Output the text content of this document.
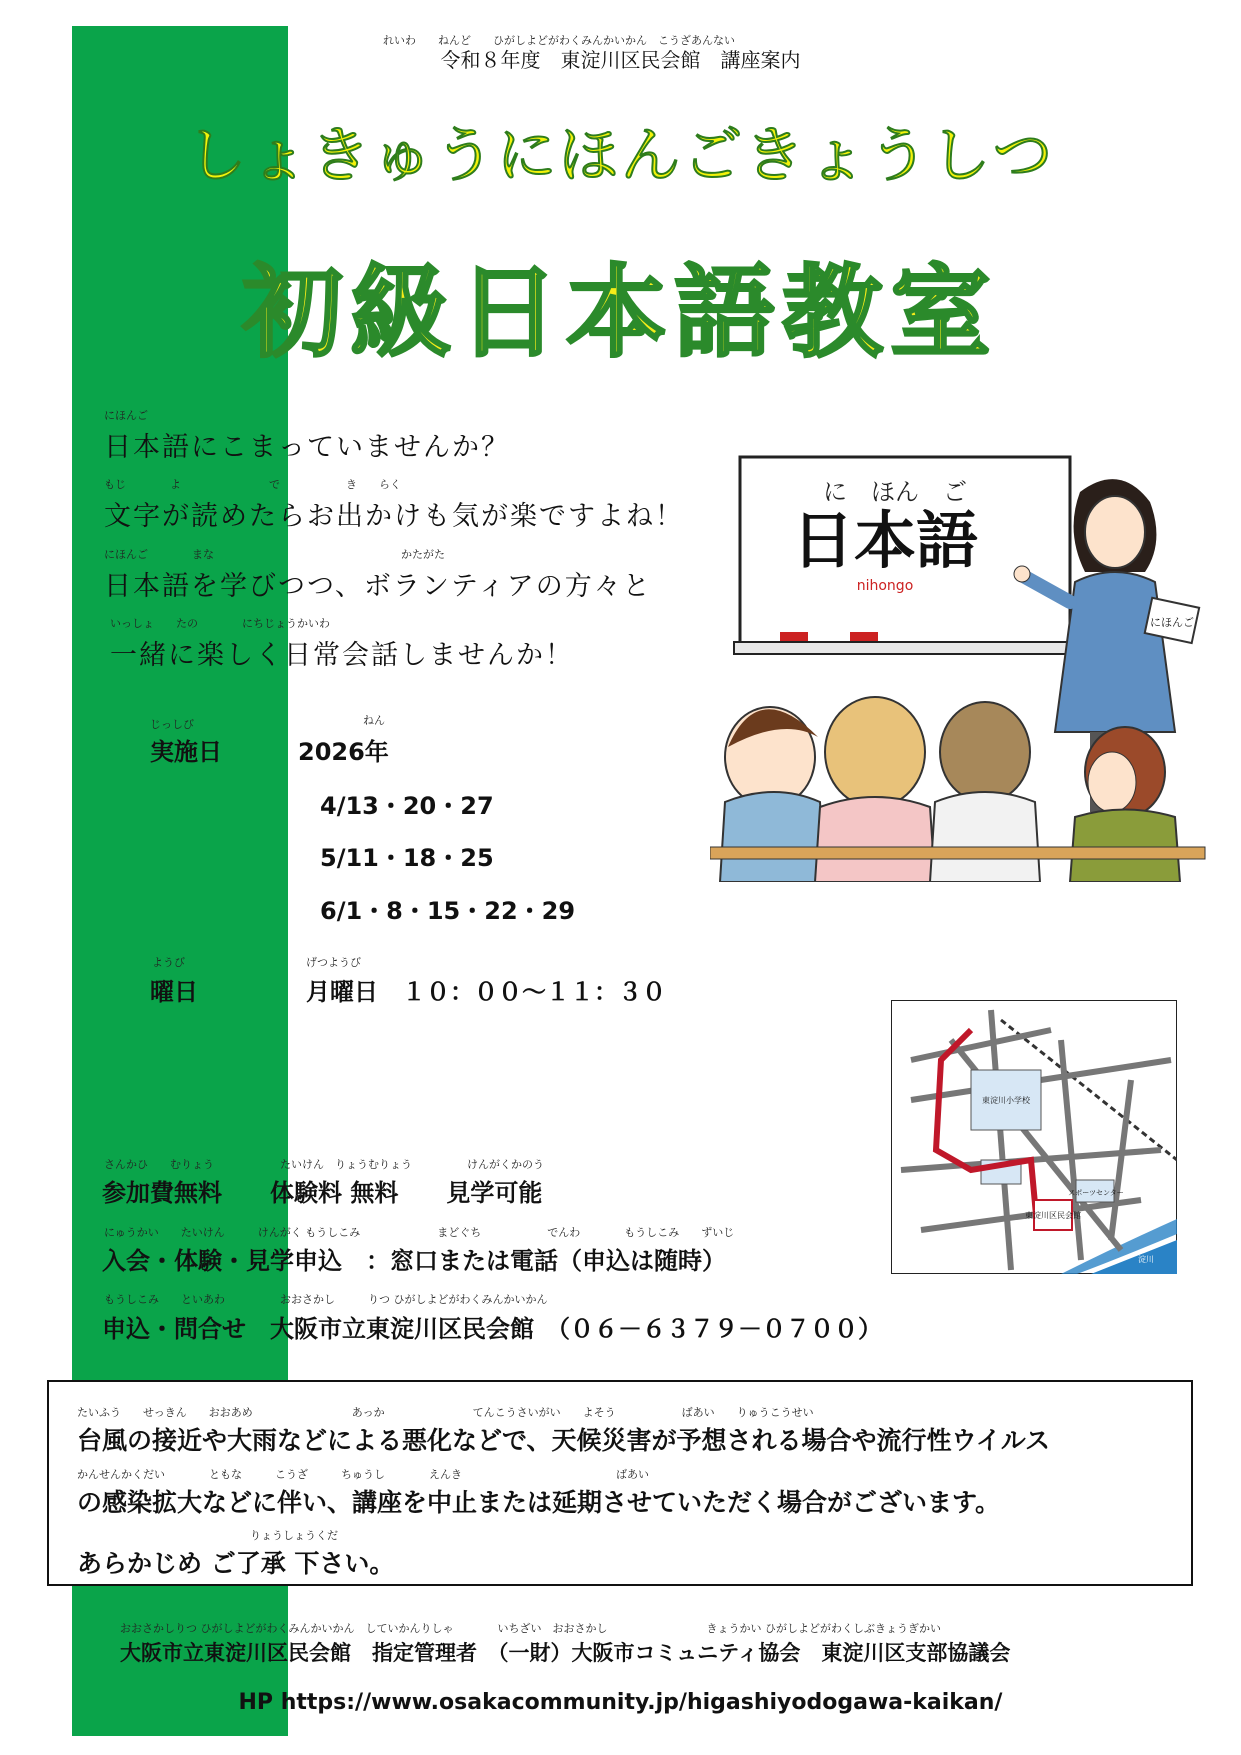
れいわ　　ねんど　　ひがしよどがわくみんかいかん　こうざあんない
令和８年度　東淀川区民会館　講座案内
しょきゅうにほんごきょうしつ
初級日本語教室
にほんご
日本語にこまっていませんか？
もじ　　　　よ　　　　　　　　で　　　　　　き　　らく
文字が読めたらお出かけも気が楽ですよね！
にほんご　　　　まな　　　　　　　　　　　　　　　　　かたがた
日本語を学びつつ、ボランティアの方々と
いっしょ　　たの　　　　にちじょうかいわ
一緒に楽しく日常会話しませんか！
に　ほん　ご
日本語
nihongo
にほんご
じっしび
実施日
ねん
2026年
4/13・20・27
5/11・18・25
6/1・8・15・22・29
ようび
曜日
げつようび
月曜日　１０：００～１１：３０
東淀川区民会館
スポーツセンター
東淀川小学校
淀川
さんかひ　　むりょう　　　　　　たいけん　りょうむりょう　　　　　けんがくかのう
参加費無料　　体験料 無料　　見学可能
にゅうかい　　たいけん　　　けんがく もうしこみ　　　　　　　まどぐち　　　　　　でんわ　　　　もうしこみ　　ずいじ
入会・体験・見学申込　：窓口または電話（申込は随時）
もうしこみ　　といあわ　　　　　おおさかし　　　りつ ひがしよどがわくみんかいかん
申込・問合せ　大阪市立東淀川区民会館　（０６－６３７９－０７００）
たいふう　　せっきん　　おおあめ　　　　　　　　　あっか　　　　　　　　てんこうさいがい　　よそう　　　　　　ばあい　　りゅうこうせい
台風の接近や大雨などによる悪化などで、天候災害が予想される場合や流行性ウイルス
かんせんかくだい　　　　ともな　　　こうざ　　　ちゅうし　　　　えんき　　　　　　　　　　　　　　ばあい
の感染拡大などに伴い、講座を中止または延期させていただく場合がございます。
りょうしょうくだ
あらかじめ ご了承 下さい。
おおさかしりつ ひがしよどがわくみんかいかん　していかんりしゃ　　　　いちざい　おおさかし　　　　　　　　　きょうかい ひがしよどがわくしぶきょうぎかい
大阪市立東淀川区民会館　指定管理者　（一財）大阪市コミュニティ協会　東淀川区支部協議会
HP https://www.osakacommunity.jp/higashiyodogawa-kaikan/
